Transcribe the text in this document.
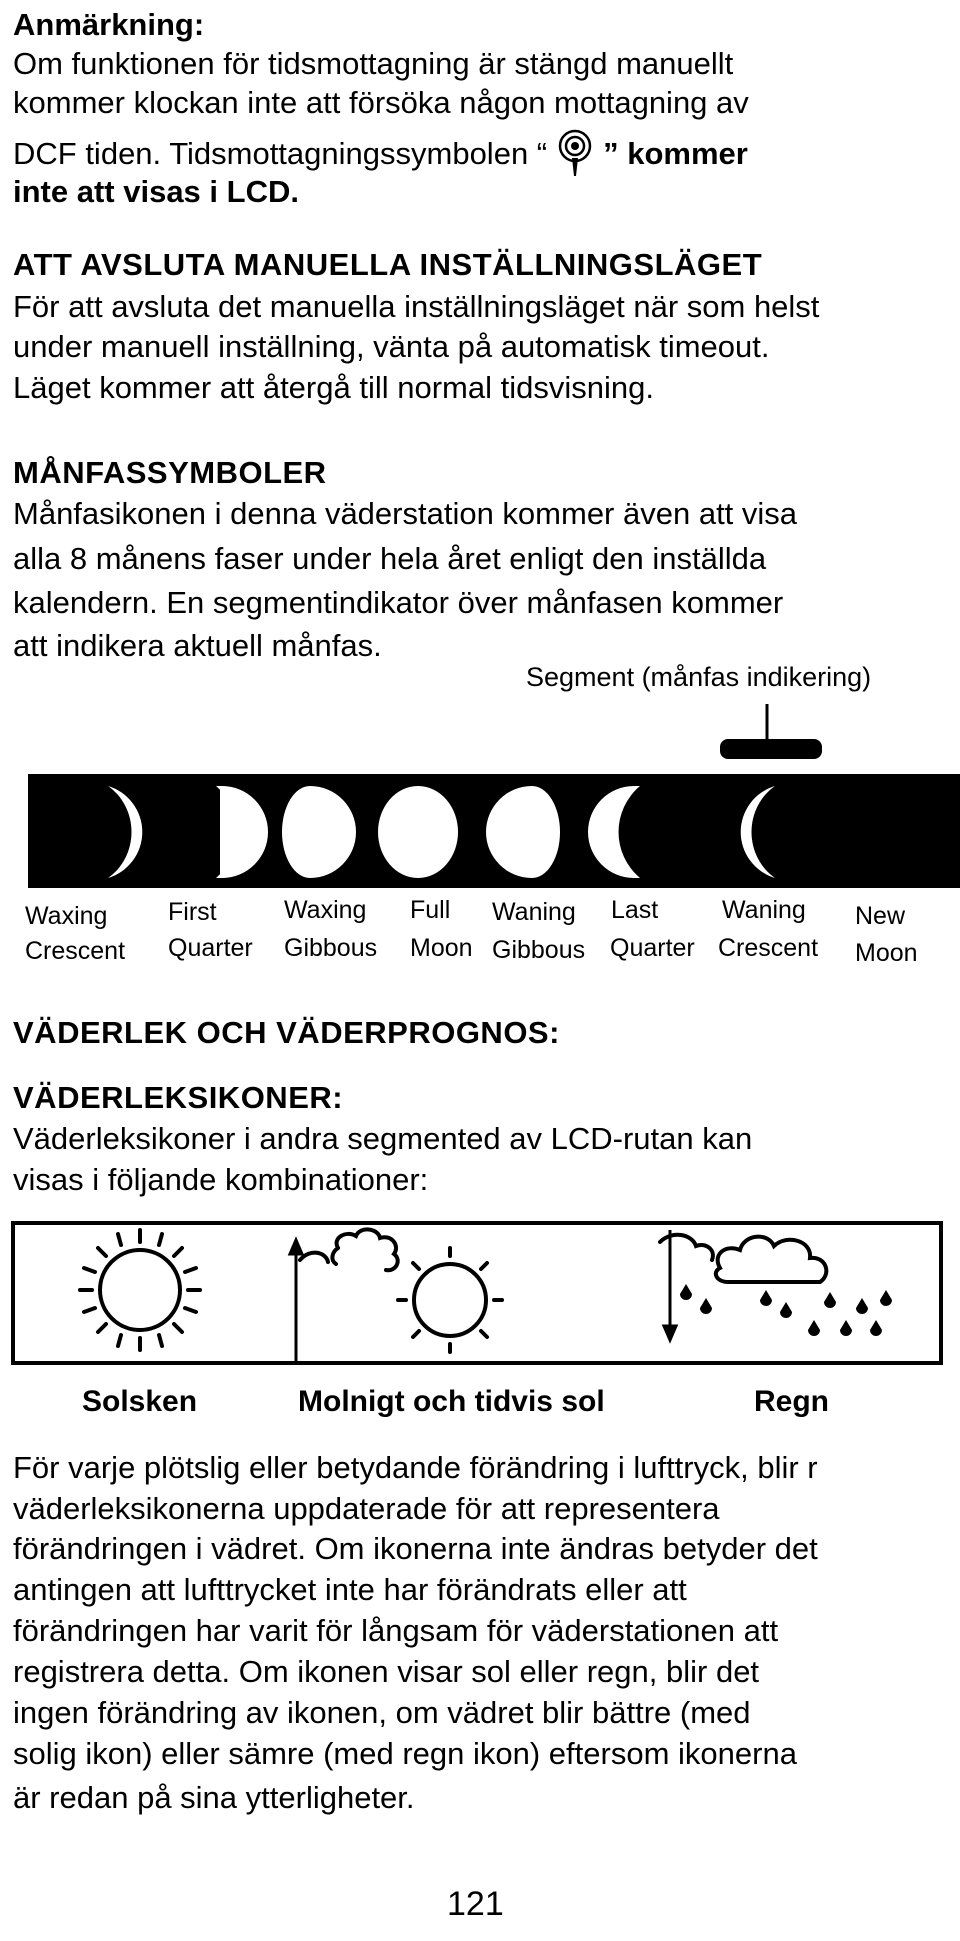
Anmärkning:
Om funktionen för tidsmottagning är stängd manuellt
kommer klockan inte att försöka någon mottagning av
DCF tiden. Tidsmottagningssymbolen “ ” kommer
inte att visas i LCD.
ATT AVSLUTA MANUELLA INSTÄLLNINGSLÄGET
För att avsluta det manuella inställningsläget när som helst
under manuell inställning, vänta på automatisk timeout.
Läget kommer att återgå till normal tidsvisning.
MÅNFASSYMBOLER
Månfasikonen i denna väderstation kommer även att visa
alla 8 månens faser under hela året enligt den inställda
kalendern. En segmentindikator över månfasen kommer
att indikera aktuell månfas.
Segment (månfas indikering)
Waxing
Crescent
First
Quarter
Waxing
Gibbous
Full
Moon
Waning
Gibbous
Last
Quarter
Waning
Crescent
New
Moon
VÄDERLEK OCH VÄDERPROGNOS:
VÄDERLEKSIKONER:
Väderleksikoner i andra segmented av LCD-rutan kan
visas i följande kombinationer:
Solsken	Molnigt och tidvis sol	Regn
För varje plötslig eller betydande förändring i lufttryck, blir r
väderleksikonerna uppdaterade för att representera
förändringen i vädret. Om ikonerna inte ändras betyder det
antingen att lufttrycket inte har förändrats eller att
förändringen har varit för långsam för väderstationen att
registrera detta. Om ikonen visar sol eller regn, blir det
ingen förändring av ikonen, om vädret blir bättre (med
solig ikon) eller sämre (med regn ikon) eftersom ikonerna
är redan på sina ytterligheter.
121
